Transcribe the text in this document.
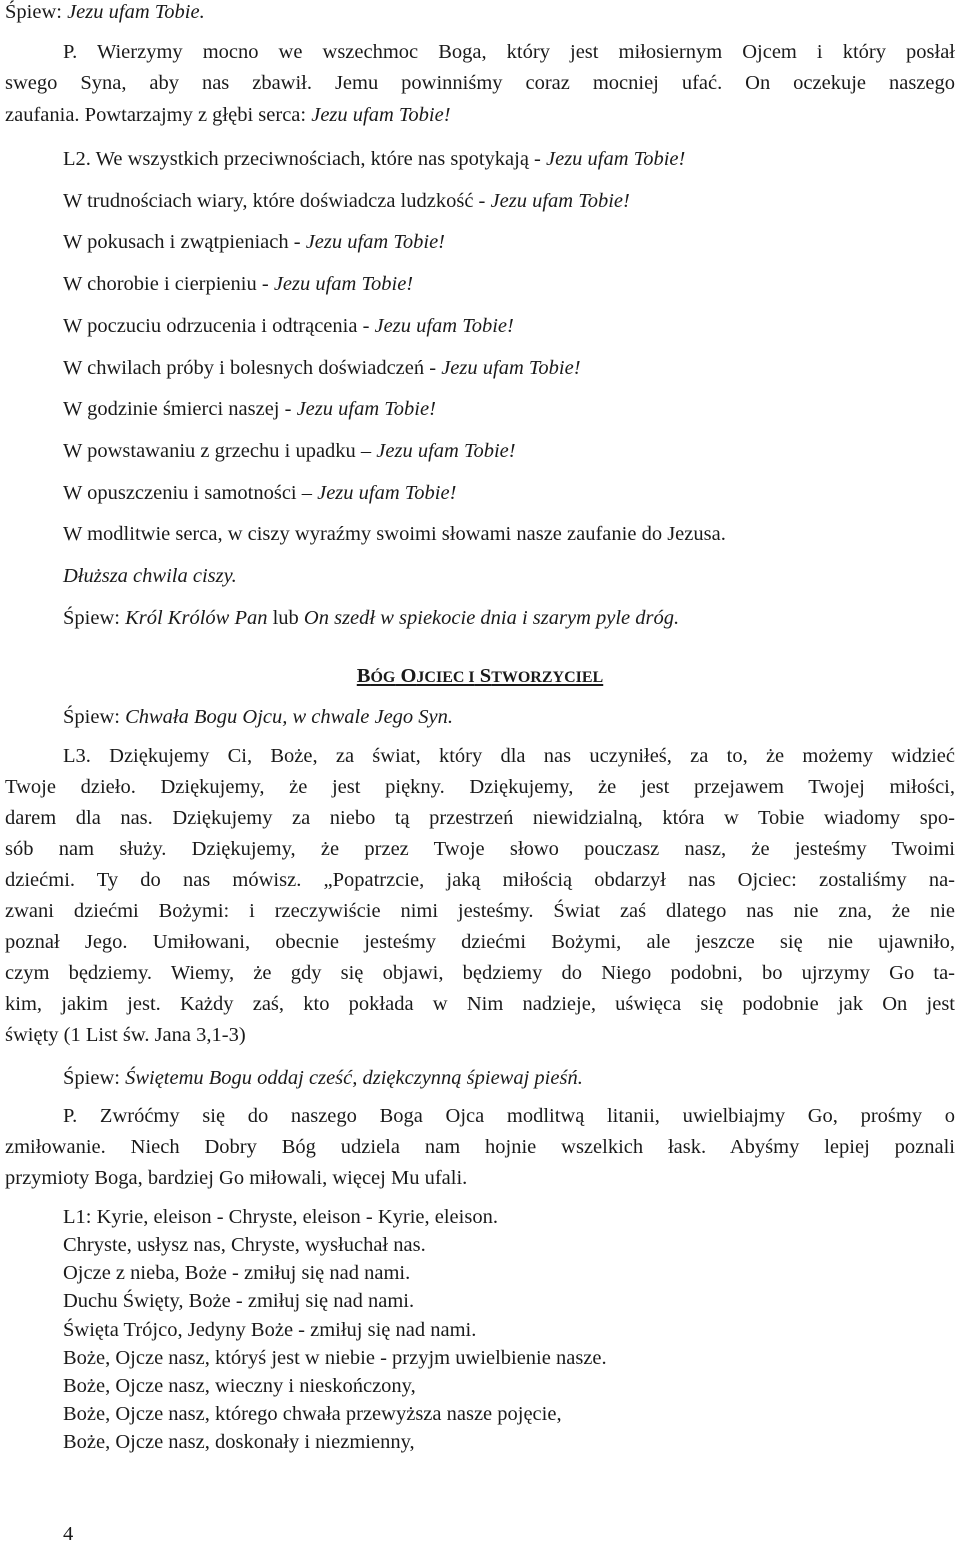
Śpiew: Jezu ufam Tobie.
P. Wierzymy mocno we wszechmoc Boga, który jest miłosiernym Ojcem i który posłał
swego Syna, aby nas zbawił. Jemu powinniśmy coraz mocniej ufać. On oczekuje naszego
zaufania. Powtarzajmy z głębi serca: Jezu ufam Tobie!
L2. We wszystkich przeciwnościach, które nas spotykają - Jezu ufam Tobie!
W trudnościach wiary, które doświadcza ludzkość - Jezu ufam Tobie!
W pokusach i zwątpieniach - Jezu ufam Tobie!
W chorobie i cierpieniu - Jezu ufam Tobie!
W poczuciu odrzucenia i odtrącenia - Jezu ufam Tobie!
W chwilach próby i bolesnych doświadczeń - Jezu ufam Tobie!
W godzinie śmierci naszej - Jezu ufam Tobie!
W powstawaniu z grzechu i upadku – Jezu ufam Tobie!
W opuszczeniu i samotności – Jezu ufam Tobie!
W modlitwie serca, w ciszy wyraźmy swoimi słowami nasze zaufanie do Jezusa.
Dłuższa chwila ciszy.
Śpiew: Król Królów Pan lub On szedł w spiekocie dnia i szarym pyle dróg.
Śpiew: Chwała Bogu Ojcu, w chwale Jego Syn.
L3. Dziękujemy Ci, Boże, za świat, który dla nas uczyniłeś, za to, że możemy widzieć
Twoje dzieło. Dziękujemy, że jest piękny. Dziękujemy, że jest przejawem Twojej miłości,
darem dla nas. Dziękujemy za niebo tą przestrzeń niewidzialną, która w Tobie wiadomy spo-
sób nam służy. Dziękujemy, że przez Twoje słowo pouczasz nasz, że jesteśmy Twoimi
dziećmi. Ty do nas mówisz. „Popatrzcie, jaką miłością obdarzył nas Ojciec: zostaliśmy na-
zwani dziećmi Bożymi: i rzeczywiście nimi jesteśmy. Świat zaś dlatego nas nie zna, że nie
poznał Jego. Umiłowani, obecnie jesteśmy dziećmi Bożymi, ale jeszcze się nie ujawniło,
czym będziemy. Wiemy, że gdy się objawi, będziemy do Niego podobni, bo ujrzymy Go ta-
kim, jakim jest. Każdy zaś, kto pokłada w Nim nadzieje, uświęca się podobnie jak On jest
święty (1 List św. Jana 3,1-3)
Śpiew: Świętemu Bogu oddaj cześć, dziękczynną śpiewaj pieśń.
P. Zwróćmy się do naszego Boga Ojca modlitwą litanii, uwielbiajmy Go, prośmy o
zmiłowanie. Niech Dobry Bóg udziela nam hojnie wszelkich łask. Abyśmy lepiej poznali
przymioty Boga, bardziej Go miłowali, więcej Mu ufali.
L1: Kyrie, eleison - Chryste, eleison - Kyrie, eleison.
Chryste, usłysz nas, Chryste, wysłuchał nas.
Ojcze z nieba, Boże - zmiłuj się nad nami.
Duchu Święty, Boże - zmiłuj się nad nami.
Święta Trójco, Jedyny Boże - zmiłuj się nad nami.
Boże, Ojcze nasz, któryś jest w niebie - przyjm uwielbienie nasze.
Boże, Ojcze nasz, wieczny i nieskończony,
Boże, Ojcze nasz, którego chwała przewyższa nasze pojęcie,
Boże, Ojcze nasz, doskonały i niezmienny,
BÓG OJCIEC I STWORZYCIEL
4
